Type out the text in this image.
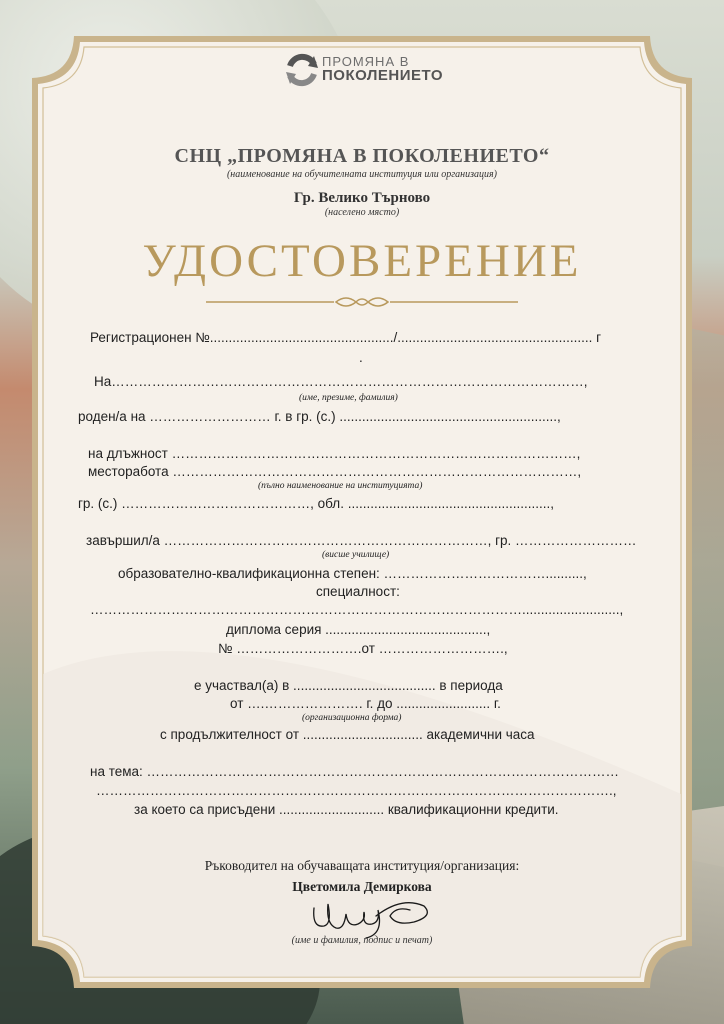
ПРОМЯНА В
ПОКОЛЕНИЕТО
СНЦ „ПРОМЯНА В ПОКОЛЕНИЕТО“
(наименование на обучителната институция или организация)
Гр. Велико Търново
(населено място)
УДОСТОВЕРЕНИЕ
Регистрационен №................................................./.................................................... г
.
На……………………………………………………………………………………………,
(име, презиме, фамилия)
роден/а на ……………………… г. в гр. (с.) ..........................................................,
на длъжност ………………………………………………………………………………,
месторабота ………………………………………………………………………………,
(пълно наименование на институцията)
гр. (с.) ……………………………………, обл. ......................................................,
завършил/а ………………………………………………………………, гр. ………………………
(висше училище)
образователно-квалификационна степен: ………………………………..........,
специалност:
……………………………………………………………………………………..........................,
диплома серия ...........................................,
№ ……………………….от ……………………….,
е участвал(а) в ...................................... в периода
от ….…………………. г. до ......................... г.
(организационна форма)
с продължителност от ................................ академични часа
на тема: ……………………………………………………………………………………………
…………………………………………………………………………………………………….,
за което са присъдени ............................ квалификационни кредити.
Ръководител на обучаващата институция/организация:
Цветомила Демиркова
(име и фамилия, подпис и печат)
